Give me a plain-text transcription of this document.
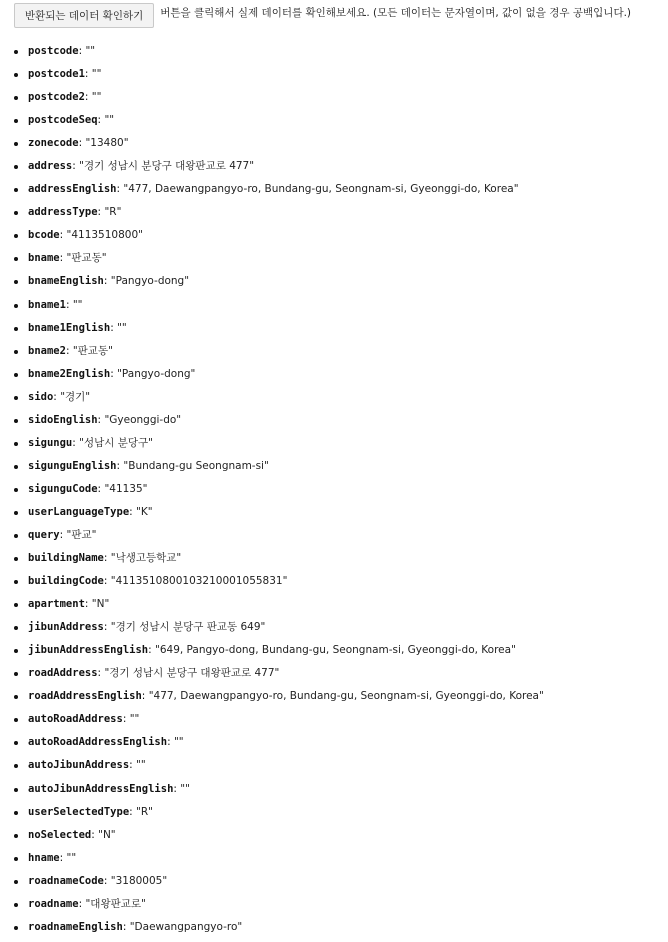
반환되는 데이터 확인하기	버튼을 클릭해서 실제 데이터를 확인해보세요. (모든 데이터는 문자열이며, 값이 없을 경우 공백입니다.)
postcode: ""
postcode1: ""
postcode2: ""
postcodeSeq: ""
zonecode: "13480"
address: "경기 성남시 분당구 대왕판교로 477"
addressEnglish: "477, Daewangpangyo-ro, Bundang-gu, Seongnam-si, Gyeonggi-do, Korea"
addressType: "R"
bcode: "4113510800"
bname: "판교동"
bnameEnglish: "Pangyo-dong"
bname1: ""
bname1English: ""
bname2: "판교동"
bname2English: "Pangyo-dong"
sido: "경기"
sidoEnglish: "Gyeonggi-do"
sigungu: "성남시 분당구"
sigunguEnglish: "Bundang-gu Seongnam-si"
sigunguCode: "41135"
userLanguageType: "K"
query: "판교"
buildingName: "낙생고등학교"
buildingCode: "4113510800103210001055831"
apartment: "N"
jibunAddress: "경기 성남시 분당구 판교동 649"
jibunAddressEnglish: "649, Pangyo-dong, Bundang-gu, Seongnam-si, Gyeonggi-do, Korea"
roadAddress: "경기 성남시 분당구 대왕판교로 477"
roadAddressEnglish: "477, Daewangpangyo-ro, Bundang-gu, Seongnam-si, Gyeonggi-do, Korea"
autoRoadAddress: ""
autoRoadAddressEnglish: ""
autoJibunAddress: ""
autoJibunAddressEnglish: ""
userSelectedType: "R"
noSelected: "N"
hname: ""
roadnameCode: "3180005"
roadname: "대왕판교로"
roadnameEnglish: "Daewangpangyo-ro"
